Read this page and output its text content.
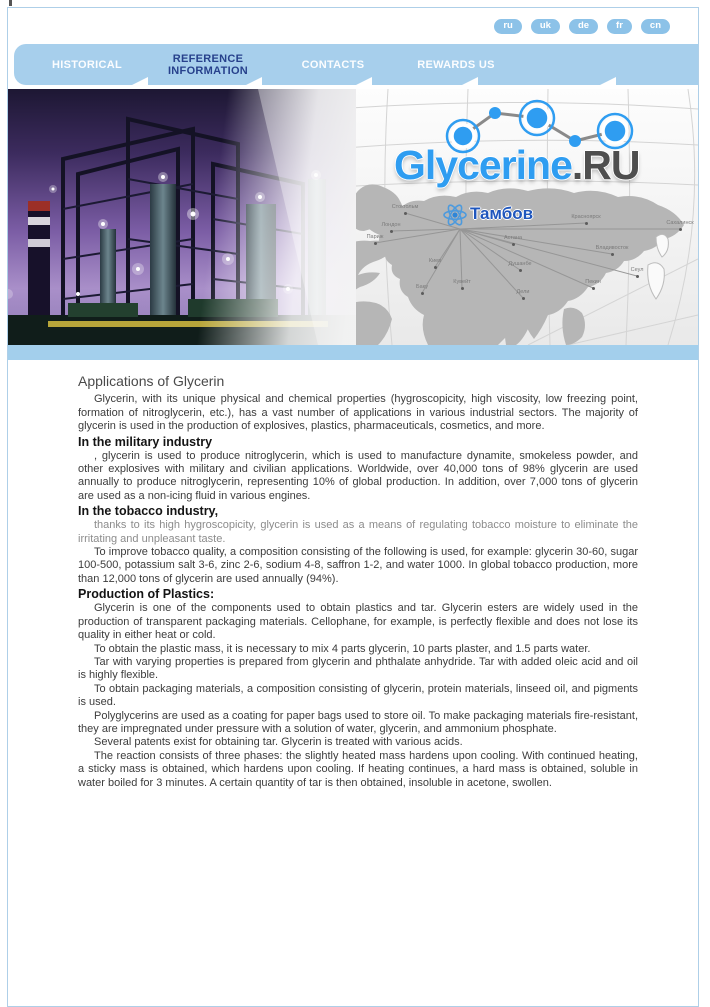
ru	uk	de	fr	cn
HISTORICAL	REFERENCE INFORMATION	CONTACTS	REWARDS US
Стокгольм
Лондон
Париж
Киев
Баку
Кувейт
Душанбе
Астана
Дели
Красноярск
Владивосток
Пекин
Сеул
Сахалинск
Glycerine.RU
Тамбов
Applications of Glycerin
Glycerin, with its unique physical and chemical properties (hygroscopicity, high viscosity, low freezing point, formation of nitroglycerin, etc.), has a vast number of applications in various industrial sectors. The majority of glycerin is used in the production of explosives, plastics, pharmaceuticals, cosmetics, and more.
In the military industry
, glycerin is used to produce nitroglycerin, which is used to manufacture dynamite, smokeless powder, and other explosives with military and civilian applications. Worldwide, over 40,000 tons of 98% glycerin are used annually to produce nitroglycerin, representing 10% of global production. In addition, over 7,000 tons of glycerin are used as a non-icing fluid in various engines.
In the tobacco industry,
thanks to its high hygroscopicity, glycerin is used as a means of regulating tobacco moisture to eliminate the irritating and unpleasant taste.
To improve tobacco quality, a composition consisting of the following is used, for example: glycerin 30-60, sugar 100-500, potassium salt 3-6, zinc 2-6, sodium 4-8, saffron 1-2, and water 1000. In global tobacco production, more than 12,000 tons of glycerin are used annually (94%).
Production of Plastics:
Glycerin is one of the components used to obtain plastics and tar. Glycerin esters are widely used in the production of transparent packaging materials. Cellophane, for example, is perfectly flexible and does not lose its quality in either heat or cold.
To obtain the plastic mass, it is necessary to mix 4 parts glycerin, 10 parts plaster, and 1.5 parts water.
Tar with varying properties is prepared from glycerin and phthalate anhydride. Tar with added oleic acid and oil is highly flexible.
To obtain packaging materials, a composition consisting of glycerin, protein materials, linseed oil, and pigments is used.
Polyglycerins are used as a coating for paper bags used to store oil. To make packaging materials fire-resistant, they are impregnated under pressure with a solution of water, glycerin, and ammonium phosphate.
Several patents exist for obtaining tar. Glycerin is treated with various acids.
The reaction consists of three phases: the slightly heated mass hardens upon cooling. With continued heating, a sticky mass is obtained, which hardens upon cooling. If heating continues, a hard mass is obtained, soluble in water boiled for 3 minutes. A certain quantity of tar is then obtained, insoluble in acetone, swollen.
